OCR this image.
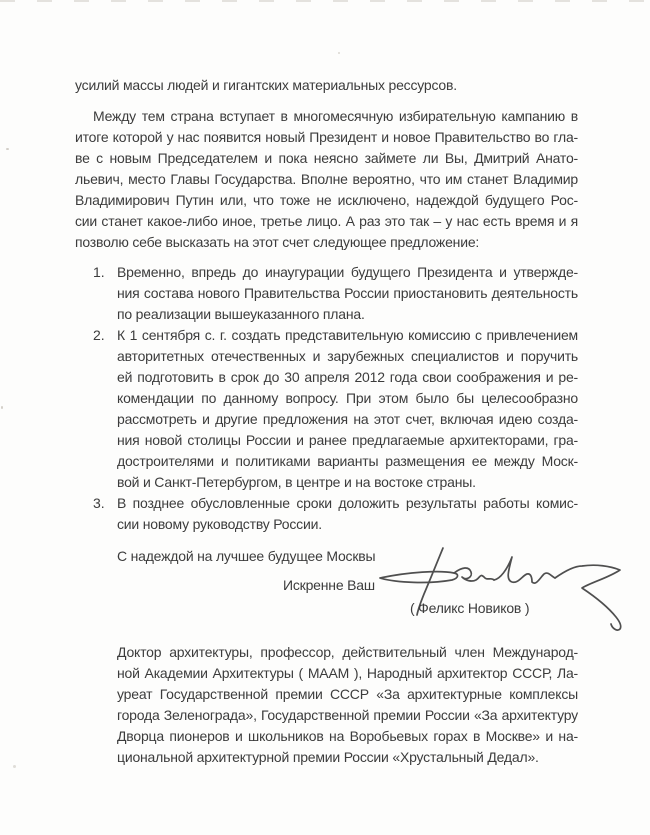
усилий массы людей и гигантских материальных рессурсов.
Между тем страна вступает в многомесячную избирательную кампанию в
итоге которой у нас появится новый Президент и новое Правительство во гла-
ве с новым Председателем и пока неясно займете ли Вы, Дмитрий Анато-
льевич, место Главы Государства. Вполне вероятно, что им станет Владимир
Владимирович Путин или, что тоже не исключено, надеждой будущего Рос-
сии станет какое-либо иное, третье лицо. А раз это так – у нас есть время и я
позволю себе высказать на этот счет следующее предложение:
1. Временно, впредь до инаугурации будущего Президента и утвержде-
ния состава нового Правительства России приостановить деятельность
по реализации вышеуказанного плана.
2. К 1 сентября с. г. создать представительную комиссию с привлечением
авторитетных отечественных и зарубежных специалистов и поручить
ей подготовить в срок до 30 апреля 2012 года свои соображения и ре-
комендации по данному вопросу. При этом было бы целесообразно
рассмотреть и другие предложения на этот счет, включая идею созда-
ния новой столицы России и ранее предлагаемые архитекторами, гра-
достроителями и политиками варианты размещения ее между Моск-
вой и Санкт-Петербургом, в центре и на востоке страны.
3. В позднее обусловленные сроки доложить результаты работы комис-
сии новому руководству России.
С надеждой на лучшее будущее Москвы
Искренне Ваш
( Феликс Новиков )
Доктор архитектуры, профессор, действительный член Международ-
ной Академии Архитектуры ( МААМ ), Народный архитектор СССР, Ла-
уреат Государственной премии СССР «За архитектурные комплексы
города Зеленограда», Государственной премии России «За архитектуру
Дворца пионеров и школьников на Воробьевых горах в Москве» и на-
циональной архитектурной премии России «Хрустальный Дедал».
